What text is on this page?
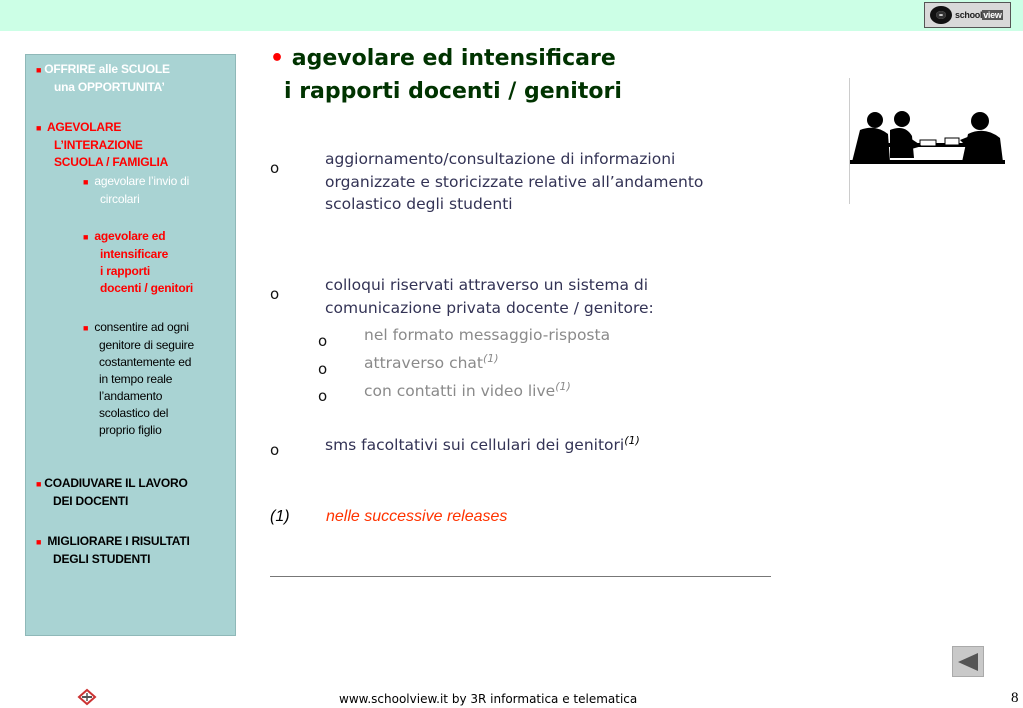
schoolview
■ OFFRIRE alle SCUOLE
una OPPORTUNITA’
■ AGEVOLARE
L’INTERAZIONE
SCUOLA / FAMIGLIA
■ agevolare l’invio di
circolari
■ agevolare ed
intensificare
i rapporti
docenti / genitori
■ consentire ad ogni
genitore di seguire
costantemente ed
in tempo reale
l’andamento
scolastico del
proprio figlio
■ COADIUVARE IL LAVORO
DEI DOCENTI
■ MIGLIORARE I RISULTATI
DEGLI STUDENTI
• agevolare ed intensificare
i rapporti docenti / genitori
o	aggiornamento/consultazione di informazioni
organizzate e storicizzate relative all’andamento
scolastico degli studenti
o	colloqui riservati attraverso un sistema di
comunicazione privata docente / genitore:
o nel formato messaggio-risposta
o attraverso chat$^{(1)}$
o con contatti in video live$^{(1)}$
o	sms facoltativi sui cellulari dei genitori$^{(1)}$
(1) nelle successive releases
www.schoolview.it by 3R informatica e telematica	8
